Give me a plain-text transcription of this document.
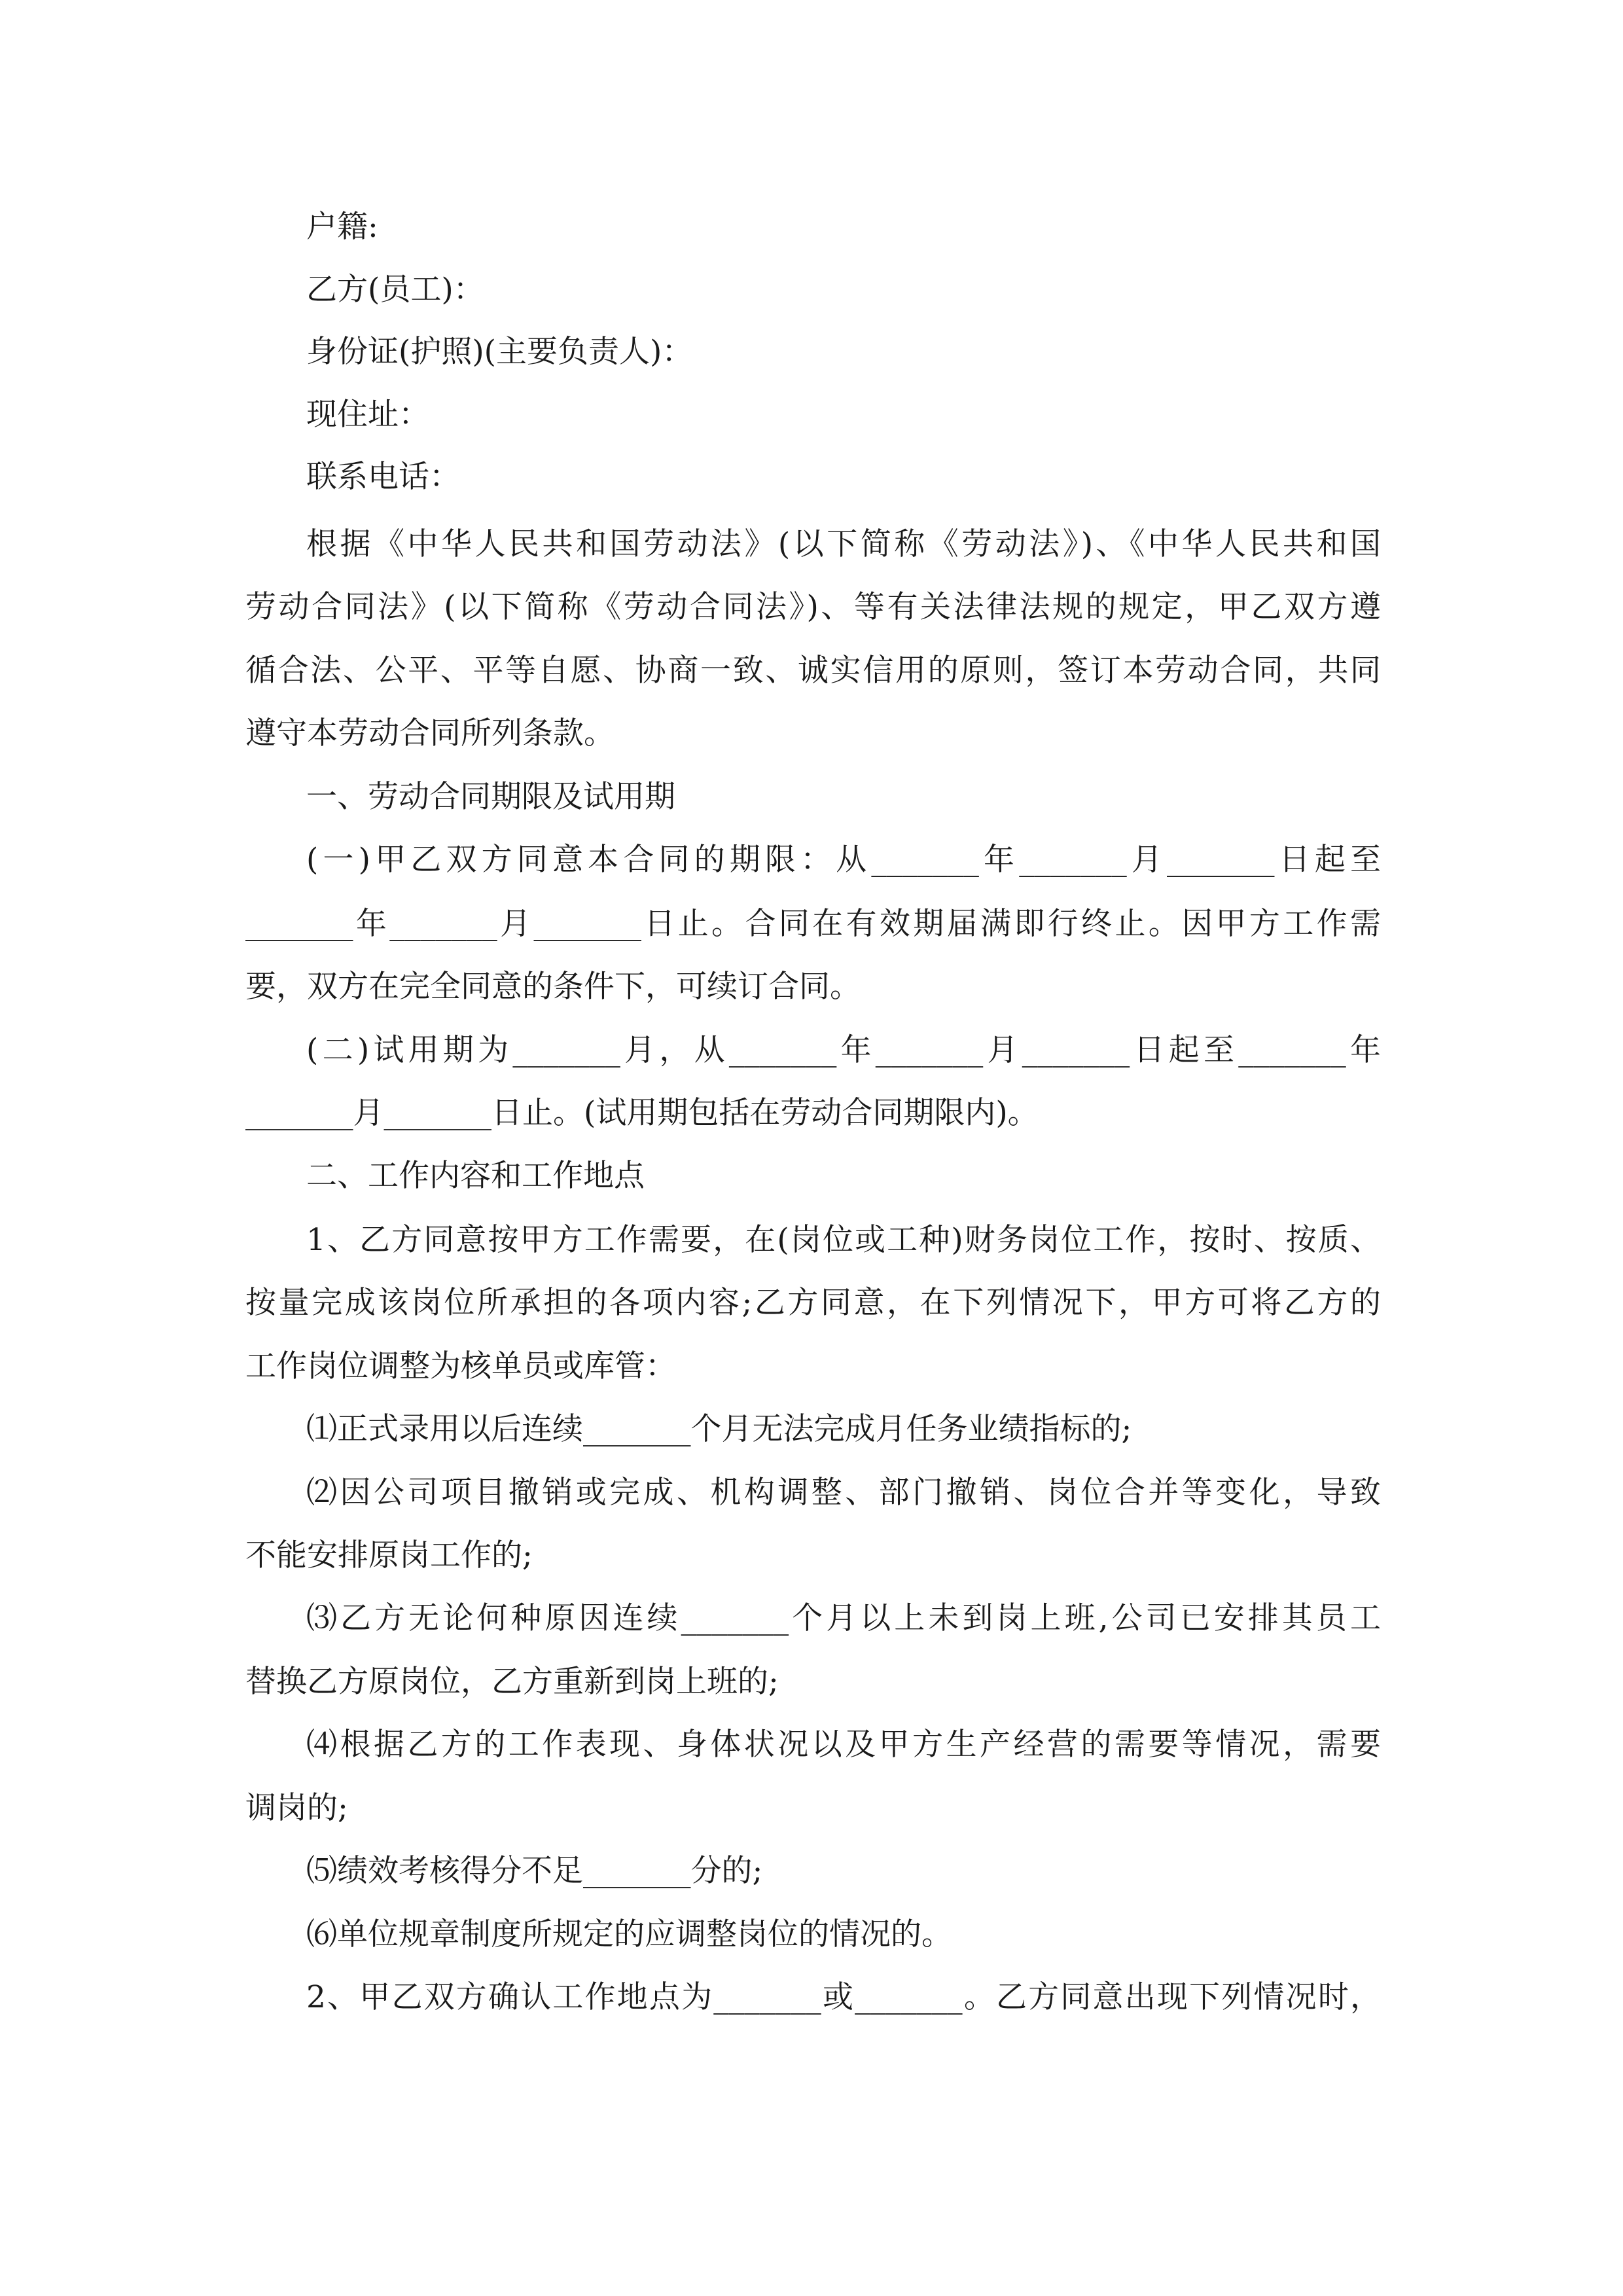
户籍:

乙方(员工)：

身份证(护照)(主要负责人)：

现住址：

联系电话：

根据《中华人民共和国劳动法》(以下简称《劳动法》)、《中华人民共和国

劳动合同法》(以下简称《劳动合同法》)、等有关法律法规的规定，甲乙双方遵

循合法、公平、平等自愿、协商一致、诚实信用的原则，签订本劳动合同，共同

遵守本劳动合同所列条款。

一、劳动合同期限及试用期

(一)甲乙双方同意本合同的期限：从_______年_______月_______日起至

_______年_______月_______日止。合同在有效期届满即行终止。因甲方工作需

要，双方在完全同意的条件下，可续订合同。

(二)试用期为_______月，从_______年_______月_______日起至_______年

_______月_______日止。(试用期包括在劳动合同期限内)。

二、工作内容和工作地点

1、乙方同意按甲方工作需要，在(岗位或工种)财务岗位工作，按时、按质、

按量完成该岗位所承担的各项内容;乙方同意，在下列情况下，甲方可将乙方的

工作岗位调整为核单员或库管：

⑴正式录用以后连续_______个月无法完成月任务业绩指标的;

⑵因公司项目撤销或完成、机构调整、部门撤销、岗位合并等变化，导致

不能安排原岗工作的;

⑶乙方无论何种原因连续_______个月以上未到岗上班,公司已安排其员工

替换乙方原岗位，乙方重新到岗上班的;

⑷根据乙方的工作表现、身体状况以及甲方生产经营的需要等情况，需要

调岗的;

⑸绩效考核得分不足_______分的;

⑹单位规章制度所规定的应调整岗位的情况的。

2、甲乙双方确认工作地点为_______或_______。乙方同意出现下列情况时，
